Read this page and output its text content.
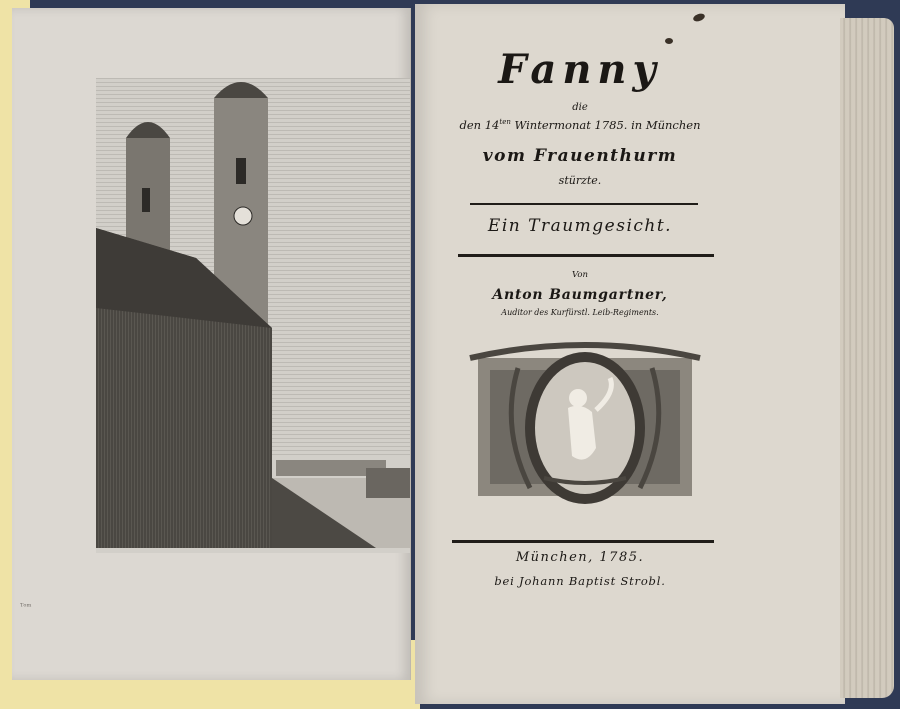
ᵀᵒᵐ
Fanny
die
den $14^{ten}$ Wintermonat 1785. in München
vom Frauenthurm
stürzte.
Ein Traumgesicht.
Von
Anton Baumgartner,
Auditor des Kurfürstl. Leib-Regiments.
München, 1785.
bei Johann Baptist Strobl.
